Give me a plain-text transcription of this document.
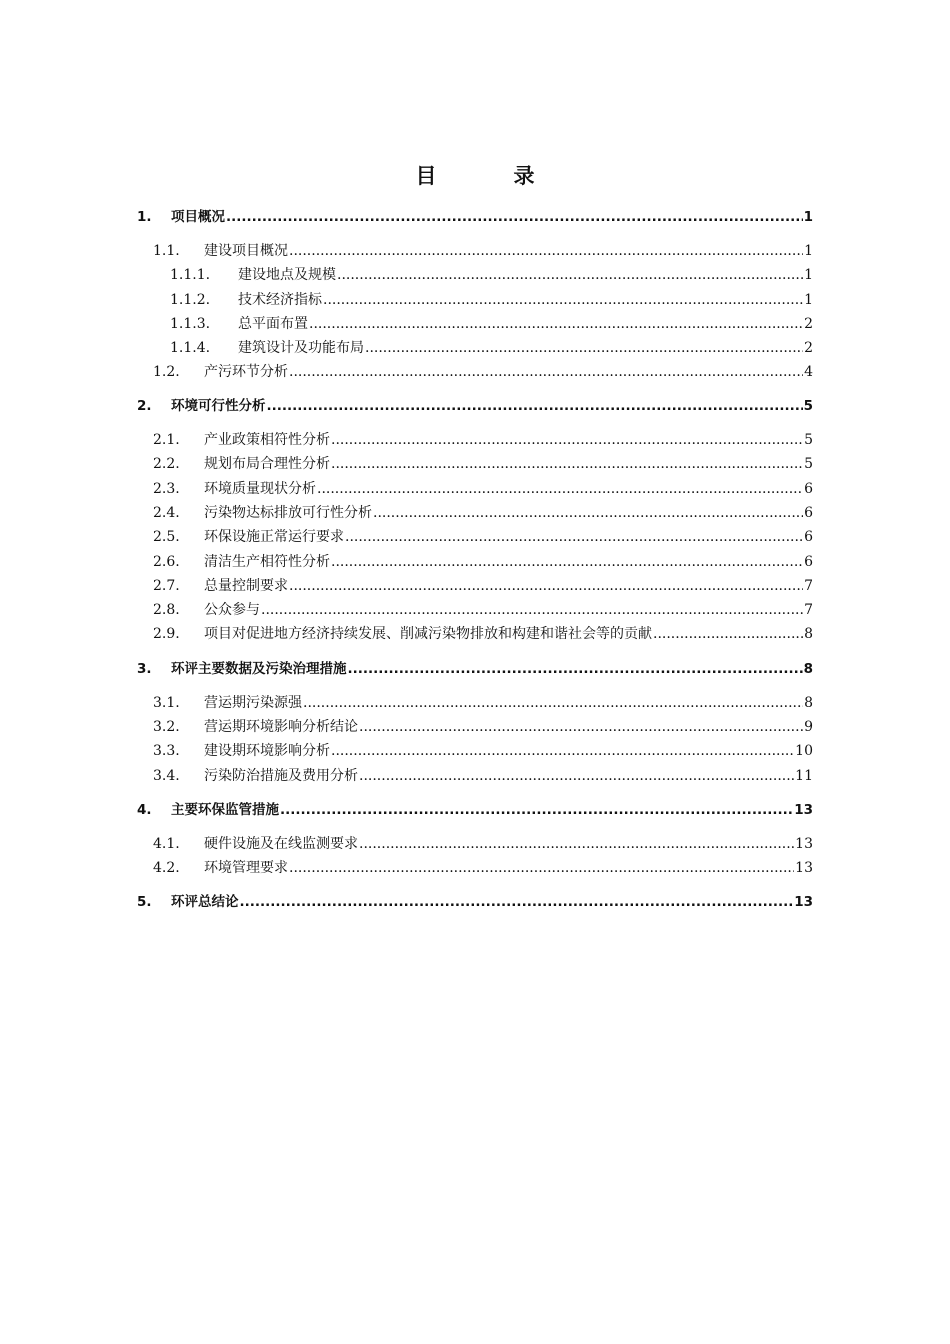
目　录
1.	项目概况 .....	1
1.1.	建设项目概况 .....	1
1.1.1.	建设地点及规模 .....	1
1.1.2.	技术经济指标 .....	1
1.1.3.	总平面布置 .....	2
1.1.4.	建筑设计及功能布局 .....	2
1.2.	产污环节分析 .....	4
2.	环境可行性分析 .....	5
2.1.	产业政策相符性分析 .....	5
2.2.	规划布局合理性分析 .....	5
2.3.	环境质量现状分析 .....	6
2.4.	污染物达标排放可行性分析 .....	6
2.5.	环保设施正常运行要求 .....	6
2.6.	清洁生产相符性分析 .....	6
2.7.	总量控制要求 .....	7
2.8.	公众参与 .....	7
2.9.	项目对促进地方经济持续发展、削减污染物排放和构建和谐社会等的贡献 .....	8
3.	环评主要数据及污染治理措施 .....	8
3.1.	营运期污染源强 .....	8
3.2.	营运期环境影响分析结论 .....	9
3.3.	建设期环境影响分析 .....	10
3.4.	污染防治措施及费用分析 .....	11
4.	主要环保监管措施 .....	13
4.1.	硬件设施及在线监测要求 .....	13
4.2.	环境管理要求 .....	13
5.	环评总结论 .....	13
